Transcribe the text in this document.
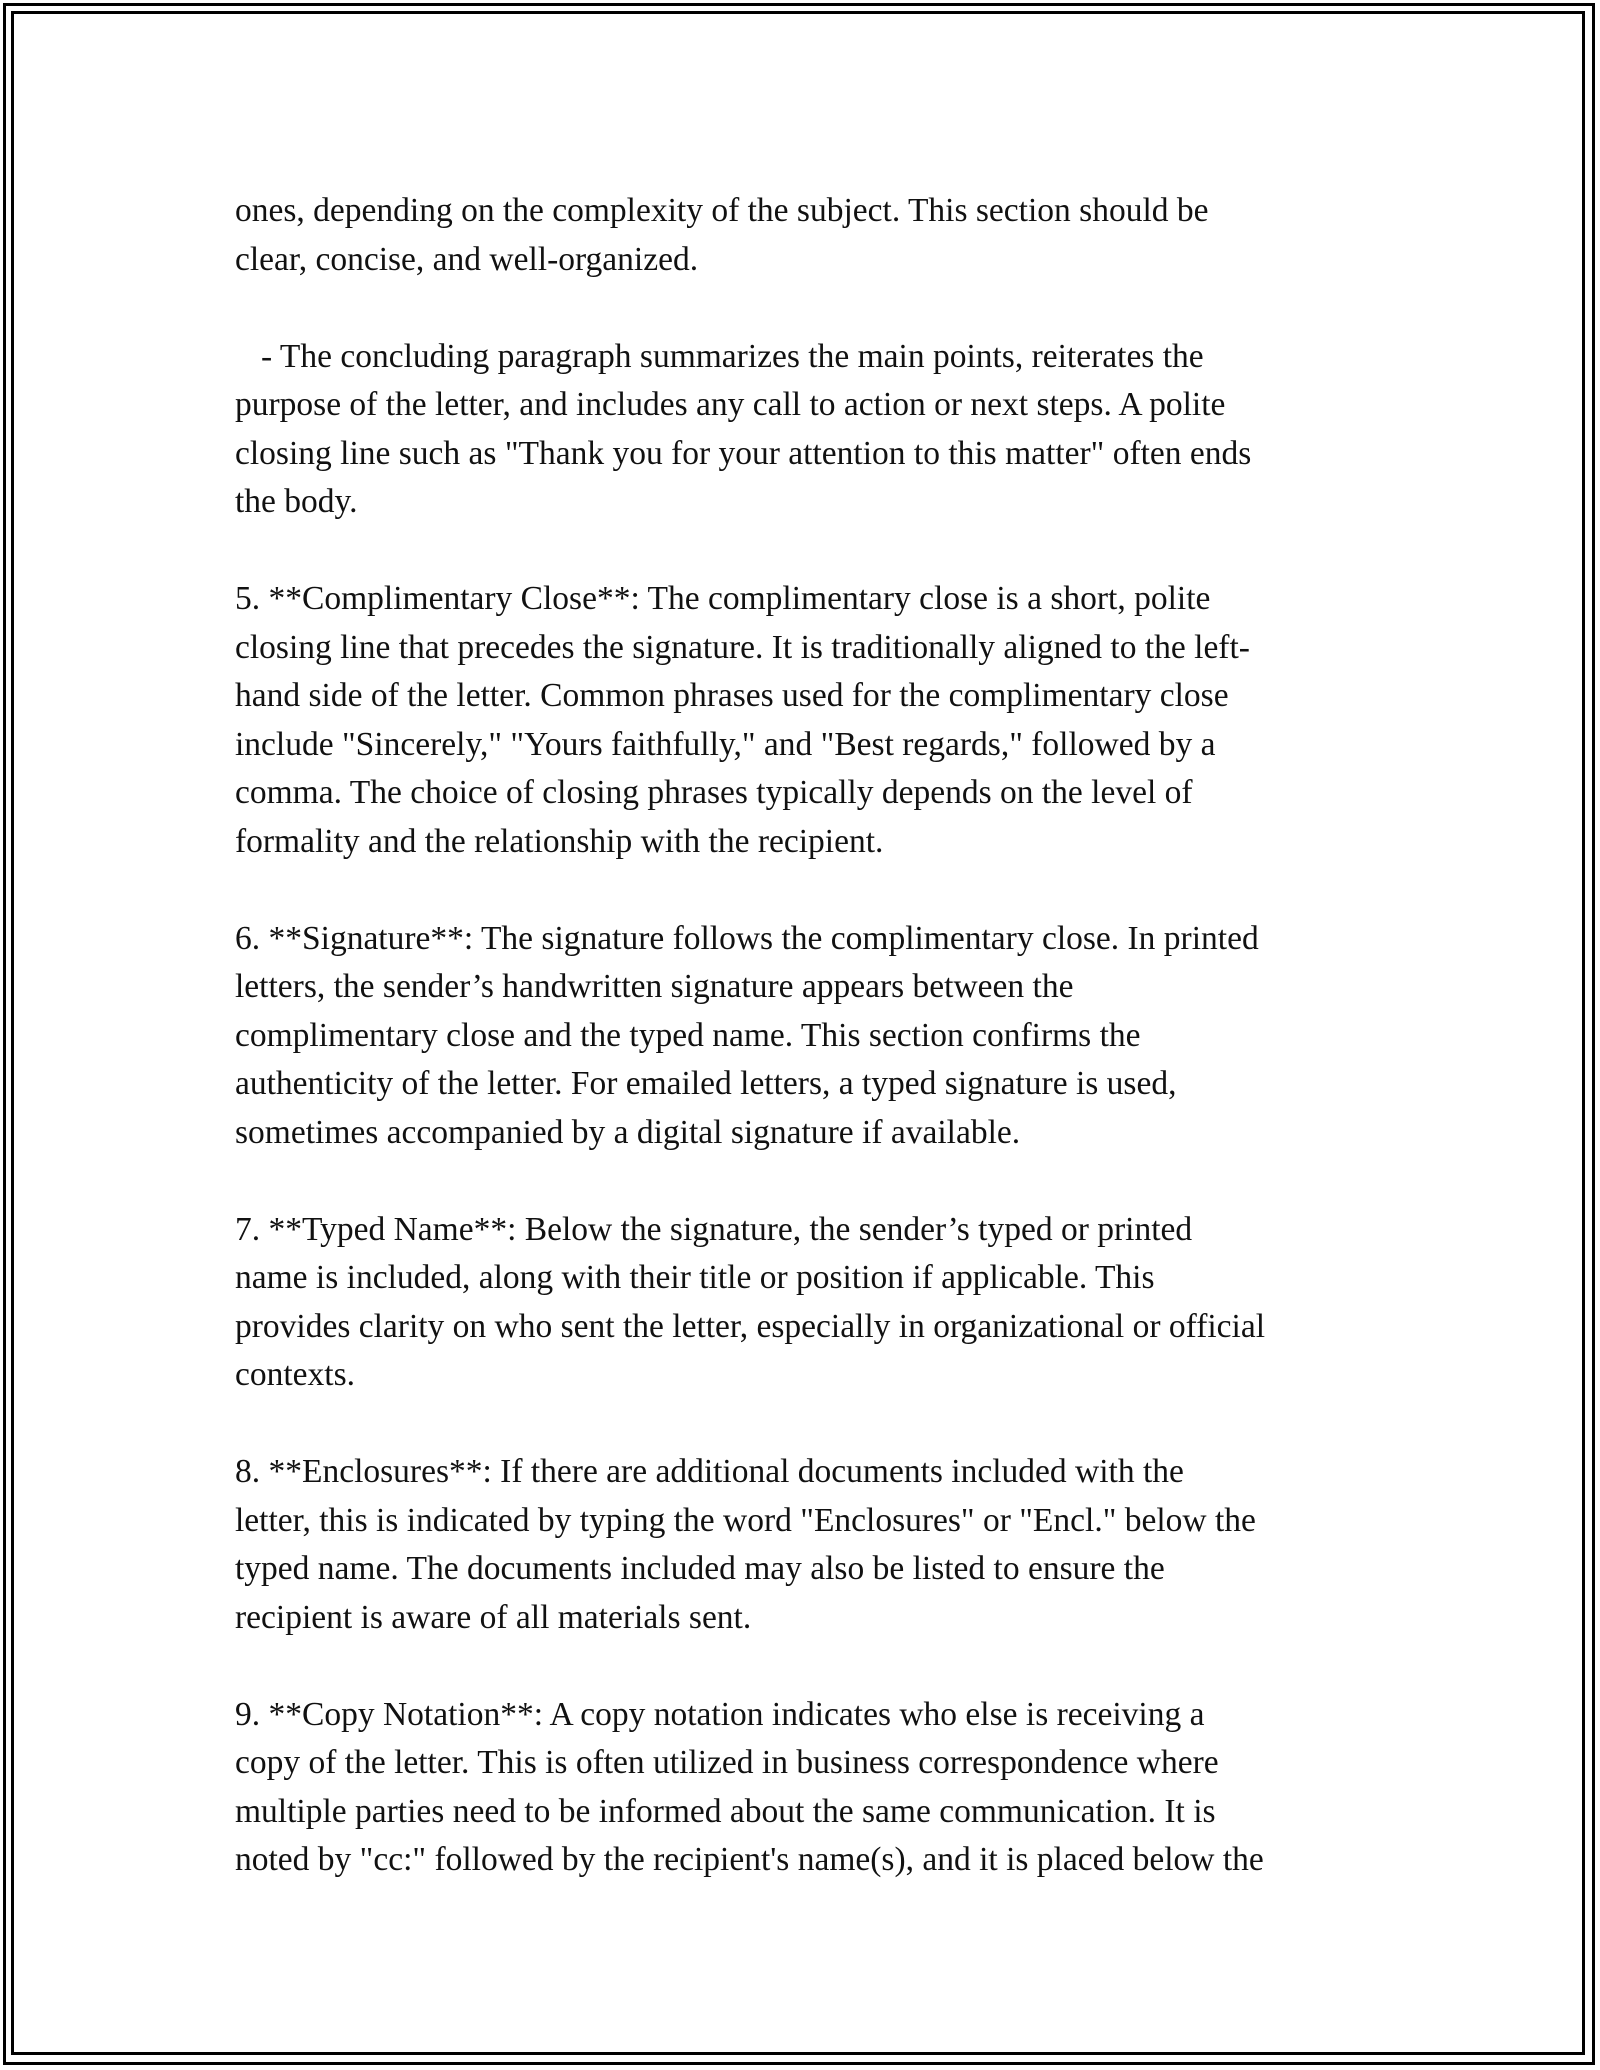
ones, depending on the complexity of the subject. This section should be
clear, concise, and well-organized.

- The concluding paragraph summarizes the main points, reiterates the
purpose of the letter, and includes any call to action or next steps. A polite
closing line such as "Thank you for your attention to this matter" often ends
the body.

5. **Complimentary Close**: The complimentary close is a short, polite
closing line that precedes the signature. It is traditionally aligned to the left-
hand side of the letter. Common phrases used for the complimentary close
include "Sincerely," "Yours faithfully," and "Best regards," followed by a
comma. The choice of closing phrases typically depends on the level of
formality and the relationship with the recipient.

6. **Signature**: The signature follows the complimentary close. In printed
letters, the sender’s handwritten signature appears between the
complimentary close and the typed name. This section confirms the
authenticity of the letter. For emailed letters, a typed signature is used,
sometimes accompanied by a digital signature if available.

7. **Typed Name**: Below the signature, the sender’s typed or printed
name is included, along with their title or position if applicable. This
provides clarity on who sent the letter, especially in organizational or official
contexts.

8. **Enclosures**: If there are additional documents included with the
letter, this is indicated by typing the word "Enclosures" or "Encl." below the
typed name. The documents included may also be listed to ensure the
recipient is aware of all materials sent.

9. **Copy Notation**: A copy notation indicates who else is receiving a
copy of the letter. This is often utilized in business correspondence where
multiple parties need to be informed about the same communication. It is
noted by "cc:" followed by the recipient's name(s), and it is placed below the
